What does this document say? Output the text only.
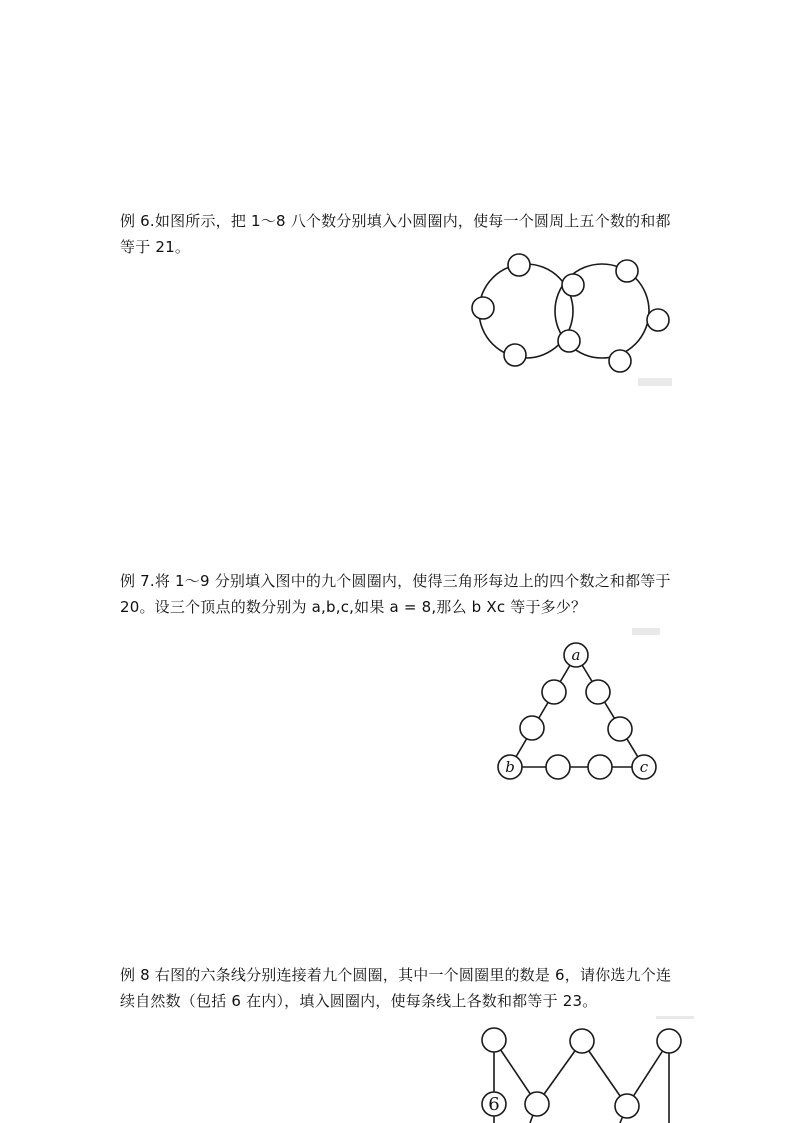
例 6.如图所示，把 1～8 八个数分别填入小圆圈内，使每一个圆周上五个数的和都等于 21。

例 7.将 1～9 分别填入图中的九个圆圈内，使得三角形每边上的四个数之和都等于 20。设三个顶点的数分别为 a,b,c,如果 a = 8,那么 b Xc 等于多少？

a
b	c

例 8 右图的六条线分别连接着九个圆圈，其中一个圆圈里的数是 6，请你选九个连续自然数（包括 6 在内），填入圆圈内，使每条线上各数和都等于 23。

6
